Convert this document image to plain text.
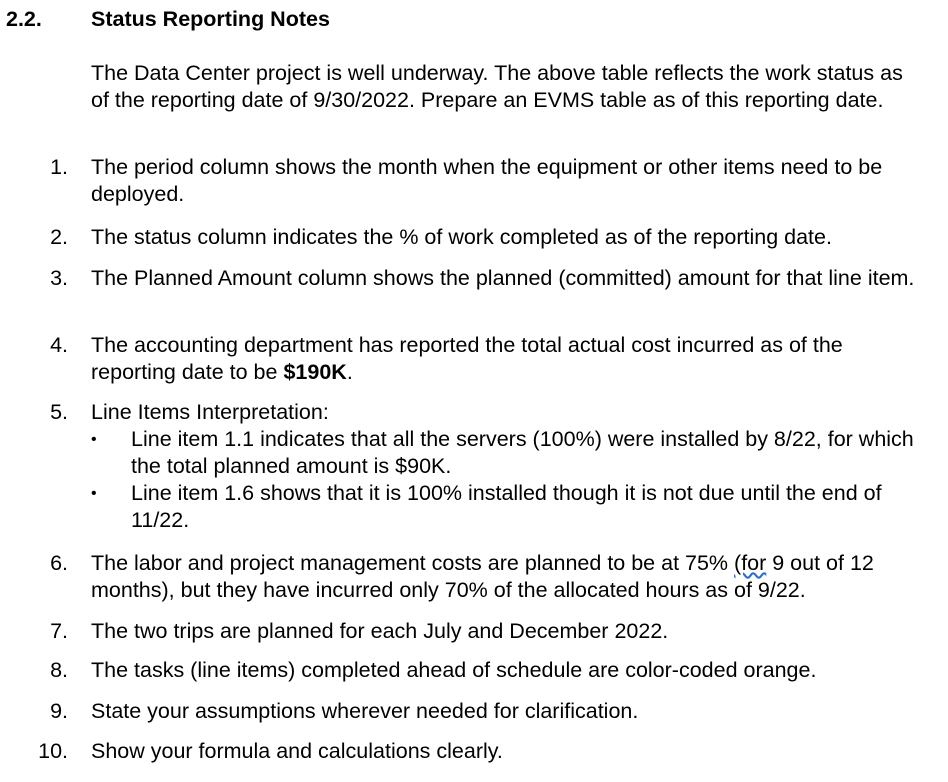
2.2. Status Reporting Notes

The Data Center project is well underway. The above table reflects the work status as of the reporting date of 9/30/2022. Prepare an EVMS table as of this reporting date.

1. The period column shows the month when the equipment or other items need to be deployed.
2. The status column indicates the % of work completed as of the reporting date.
3. The Planned Amount column shows the planned (committed) amount for that line item.
4. The accounting department has reported the total actual cost incurred as of the reporting date to be $190K.
5. Line Items Interpretation:
•	Line item 1.1 indicates that all the servers (100%) were installed by 8/22, for which the total planned amount is $90K.
•	Line item 1.6 shows that it is 100% installed though it is not due until the end of 11/22.
6. The labor and project management costs are planned to be at 75% (for 9 out of 12 months), but they have incurred only 70% of the allocated hours as of 9/22.
7. The two trips are planned for each July and December 2022.
8. The tasks (line items) completed ahead of schedule are color-coded orange.
9. State your assumptions wherever needed for clarification.
10. Show your formula and calculations clearly.
